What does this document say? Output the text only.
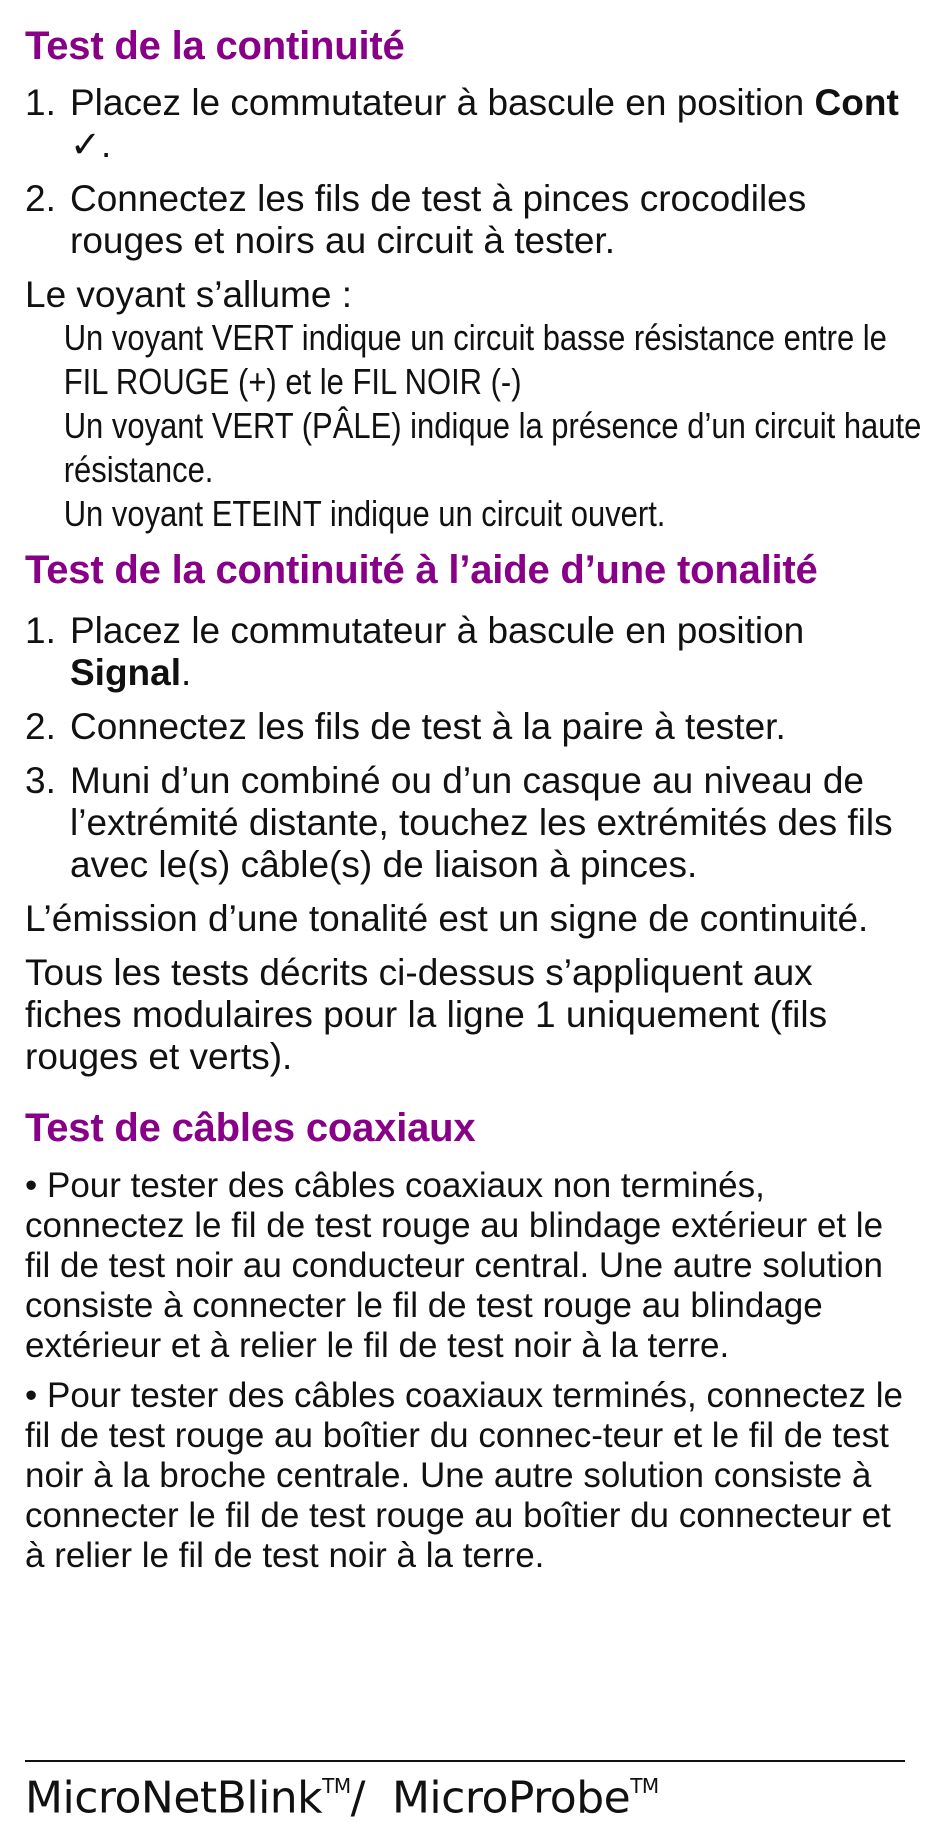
Test de la continuité
1. Placez le commutateur à bascule en position Cont ✓.
2. Connectez les fils de test à pinces crocodiles rouges et noirs au circuit à tester.

Le voyant s’allume :

Un voyant VERT indique un circuit basse résistance entre le FIL ROUGE (+) et le FIL NOIR (-)

Un voyant VERT (PÂLE) indique la présence d’un circuit haute résistance.

Un voyant ETEINT indique un circuit ouvert.

Test de la continuité à l’aide d’une tonalité
1. Placez le commutateur à bascule en position Signal.
2. Connectez les fils de test à la paire à tester.
3. Muni d’un combiné ou d’un casque au niveau de l’extrémité distante, touchez les extrémités des fils avec le(s) câble(s) de liaison à pinces.

L’émission d’une tonalité est un signe de continuité.

Tous les tests décrits ci-dessus s’appliquent aux fiches modulaires pour la ligne 1 uniquement (fils rouges et verts).

Test de câbles coaxiaux

• Pour tester des câbles coaxiaux non terminés, connectez le fil de test rouge au blindage extérieur et le fil de test noir au conducteur central. Une autre solution consiste à connecter le fil de test rouge au blindage extérieur et à relier le fil de test noir à la terre.

• Pour tester des câbles coaxiaux terminés, connectez le fil de test rouge au boîtier du connec-teur et le fil de test noir à la broche centrale. Une autre solution consiste à connecter le fil de test rouge au boîtier du connecteur et à relier le fil de test noir à la terre.

MicroNetBlink™/ MicroProbe™
